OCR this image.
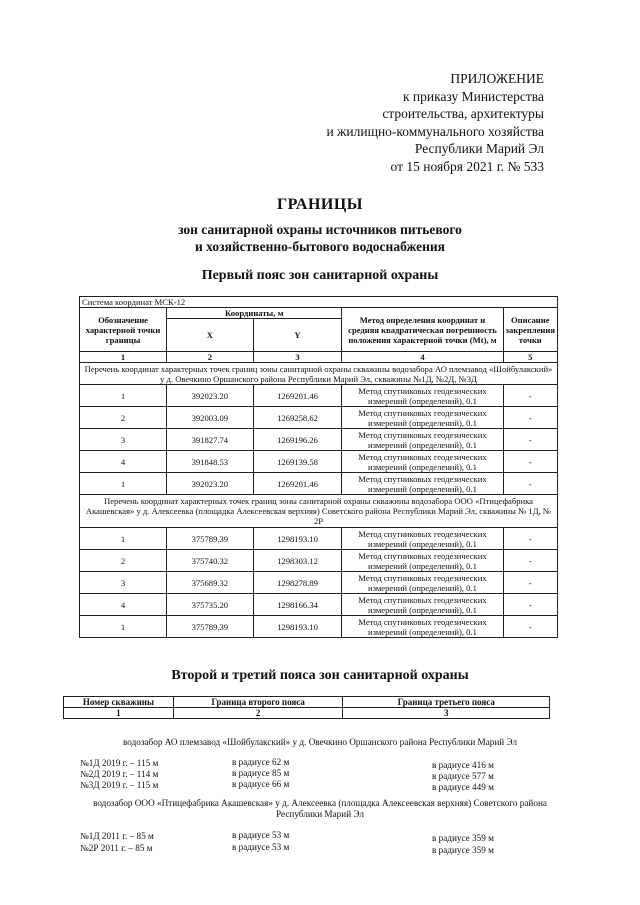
ПРИЛОЖЕНИЕ
к приказу Министерства
строительства, архитектуры
и жилищно-коммунального хозяйства
Республики Марий Эл
от 15 ноября 2021 г. № 533
ГРАНИЦЫ
зон санитарной охраны источников питьевого
и хозяйственно-бытового водоснабжения
Первый пояс зон санитарной охраны
Система координат МСК-12				
Обозначение характерной точки границы	Координаты, м		Метод определения координат и средняя квадратическая погрешность положения характерной точки (Mt), м	Описание закрепления точки
	X	Y		
1	2	3	4	5
Перечень координат характерных точек границ зоны санитарной охраны скважины водозабора АО племзавод «Шойбулакский» у д. Овечкино Оршанского района Республики Марий Эл, скважины №1Д, №2Д, №3Д				
1	392023.20	1269201.46	Метод спутниковых геодезических измерений (определений), 0.1	-
2	392003.09	1269258.62	Метод спутниковых геодезических измерений (определений), 0.1	-
3	391827.74	1269196.26	Метод спутниковых геодезических измерений (определений), 0.1	-
4	391848.53	1269139.58	Метод спутниковых геодезических измерений (определений), 0.1	-
1	392023.20	1269201.46	Метод спутниковых геодезических измерений (определений), 0.1	-
Перечень координат характерных точек границ зоны санитарной охраны скважины водозабора ООО «Птицефабрика Акашевская» у д. Алексеевка (площадка Алексеевская верхняя) Советского района Республики Марий Эл, скважины № 1Д, № 2Р				
1	375789.39	1298193.10	Метод спутниковых геодезических измерений (определений), 0.1	-
2	375740.32	1298303.12	Метод спутниковых геодезических измерений (определений), 0.1	-
3	375689.32	1298278.89	Метод спутниковых геодезических измерений (определений), 0.1	-
4	375735.20	1298166.34	Метод спутниковых геодезических измерений (определений), 0.1	-
1	375789.39	1298193.10	Метод спутниковых геодезических измерений (определений), 0.1	-
Второй и третий пояса зон санитарной охраны
Номер скважины	Граница второго пояса	Граница третьего пояса
1	2	3
водозабор АО племзавод «Шойбулакский» у д. Овечкино Оршанского района Республики Марий Эл
№1Д 2019 г. – 115 м	в радиусе 62 м	в радиусе 416 м
№2Д 2019 г. – 114 м	в радиусе 85 м	в радиусе 577 м
№3Д 2019 г. – 115 м	в радиусе 66 м	в радиусе 449 м
водозабор ООО «Птицефабрика Акашевская» у д. Алексеевка (площадка Алексеевская верхняя) Советского района
Республики Марий Эл
№1Д 2011 г. – 85 м	в радиусе 53 м	в радиусе 359 м
№2Р 2011 г. – 85 м	в радиусе 53 м	в радиусе 359 м
